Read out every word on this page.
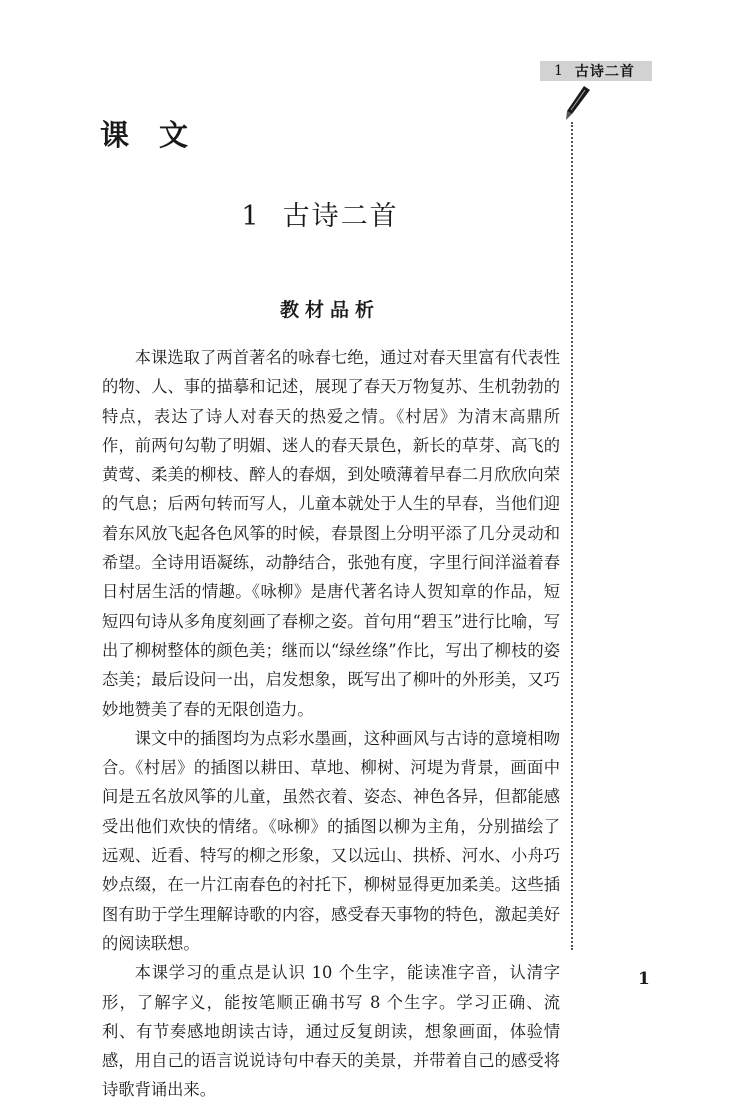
1 古诗二首
课文
1 古诗二首
教材品析

本课选取了两首著名的咏春七绝，通过对春天里富有代表性的物、人、事的描摹和记述，展现了春天万物复苏、生机勃勃的特点，表达了诗人对春天的热爱之情。《村居》为清末高鼎所作，前两句勾勒了明媚、迷人的春天景色，新长的草芽、高飞的黄莺、柔美的柳枝、醉人的春烟，到处喷薄着早春二月欣欣向荣的气息；后两句转而写人，儿童本就处于人生的早春，当他们迎着东风放飞起各色风筝的时候，春景图上分明平添了几分灵动和希望。全诗用语凝练，动静结合，张弛有度，字里行间洋溢着春日村居生活的情趣。《咏柳》是唐代著名诗人贺知章的作品，短短四句诗从多角度刻画了春柳之姿。首句用“碧玉”进行比喻，写出了柳树整体的颜色美；继而以“绿丝绦”作比，写出了柳枝的姿态美；最后设问一出，启发想象，既写出了柳叶的外形美，又巧妙地赞美了春的无限创造力。

课文中的插图均为点彩水墨画，这种画风与古诗的意境相吻合。《村居》的插图以耕田、草地、柳树、河堤为背景，画面中间是五名放风筝的儿童，虽然衣着、姿态、神色各异，但都能感受出他们欢快的情绪。《咏柳》的插图以柳为主角，分别描绘了远观、近看、特写的柳之形象，又以远山、拱桥、河水、小舟巧妙点缀，在一片江南春色的衬托下，柳树显得更加柔美。这些插图有助于学生理解诗歌的内容，感受春天事物的特色，激起美好的阅读联想。

本课学习的重点是认识 10 个生字，能读准字音，认清字形，了解字义，能按笔顺正确书写 8 个生字。学习正确、流利、有节奏感地朗读古诗，通过反复朗读，想象画面，体验情感，用自己的语言说说诗句中春天的美景，并带着自己的感受将诗歌背诵出来。

1
